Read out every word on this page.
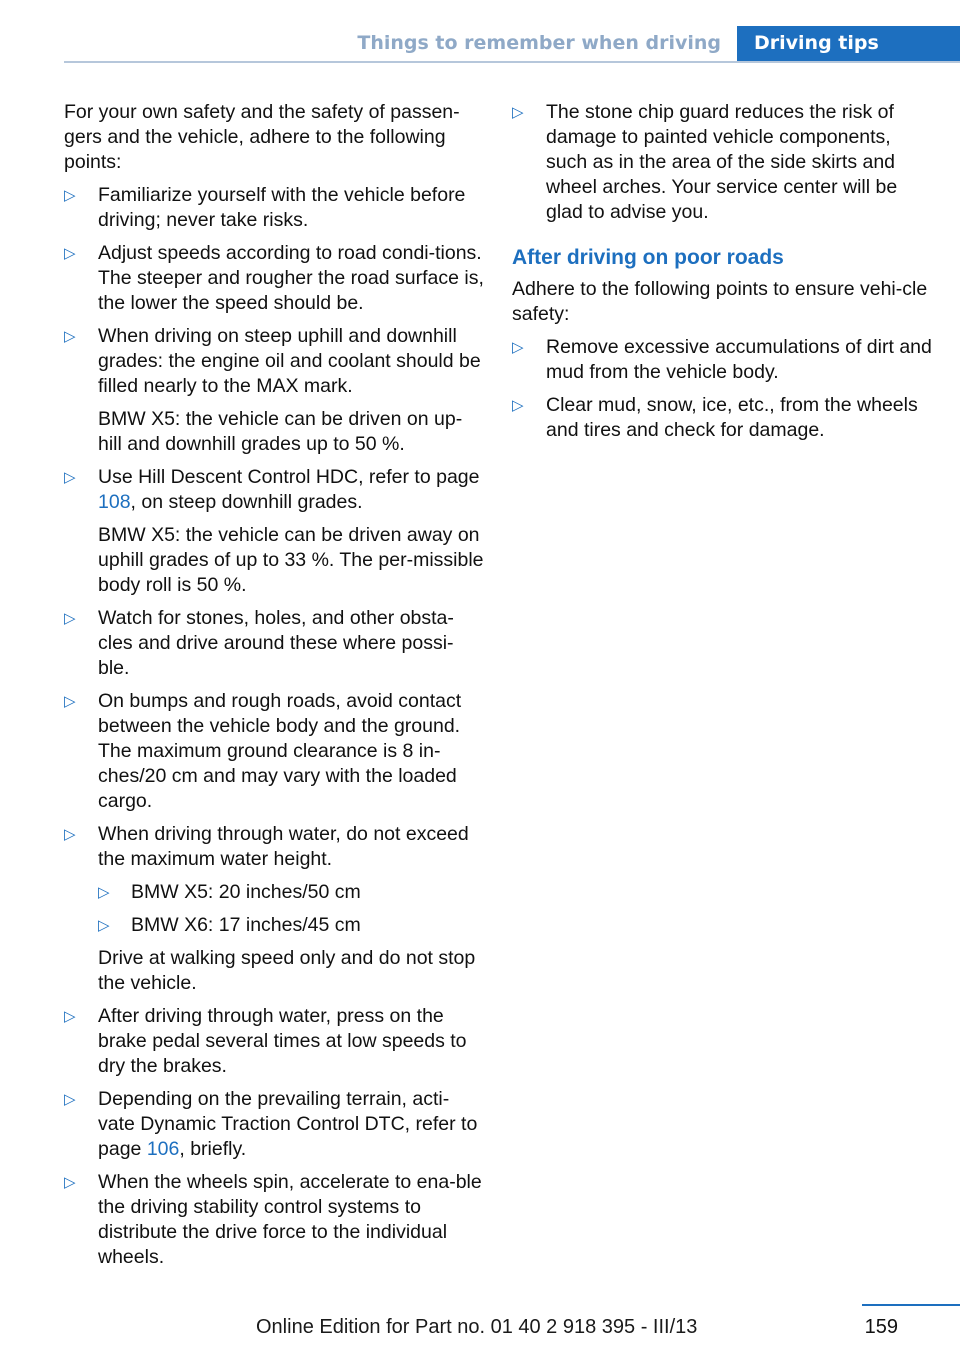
Things to remember when driving	Driving tips

For your own safety and the safety of passen-gers and the vehicle, adhere to the following points:

▷ Familiarize yourself with the vehicle before driving; never take risks.
▷ Adjust speeds according to road condi-tions. The steeper and rougher the road surface is, the lower the speed should be.
▷ When driving on steep uphill and downhill grades: the engine oil and coolant should be filled nearly to the MAX mark.
BMW X5: the vehicle can be driven on up-hill and downhill grades up to 50 %.
▷ Use Hill Descent Control HDC, refer to page 108, on steep downhill grades.
BMW X5: the vehicle can be driven away on uphill grades of up to 33 %. The per-missible body roll is 50 %.
▷ Watch for stones, holes, and other obsta-cles and drive around these where possi-ble.
▷ On bumps and rough roads, avoid contact between the vehicle body and the ground. The maximum ground clearance is 8 in-ches/20 cm and may vary with the loaded cargo.
▷ When driving through water, do not exceed the maximum water height.
▷ BMW X5: 20 inches/50 cm
▷ BMW X6: 17 inches/45 cm
Drive at walking speed only and do not stop the vehicle.
▷ After driving through water, press on the brake pedal several times at low speeds to dry the brakes.
▷ Depending on the prevailing terrain, acti-vate Dynamic Traction Control DTC, refer to page 106, briefly.
▷ When the wheels spin, accelerate to ena-ble the driving stability control systems to distribute the drive force to the individual wheels.
▷ The stone chip guard reduces the risk of damage to painted vehicle components, such as in the area of the side skirts and wheel arches. Your service center will be glad to advise you.
After driving on poor roads

Adhere to the following points to ensure vehi-cle safety:

▷ Remove excessive accumulations of dirt and mud from the vehicle body.
▷ Clear mud, snow, ice, etc., from the wheels and tires and check for damage.
159
Online Edition for Part no. 01 40 2 918 395 - III/13
